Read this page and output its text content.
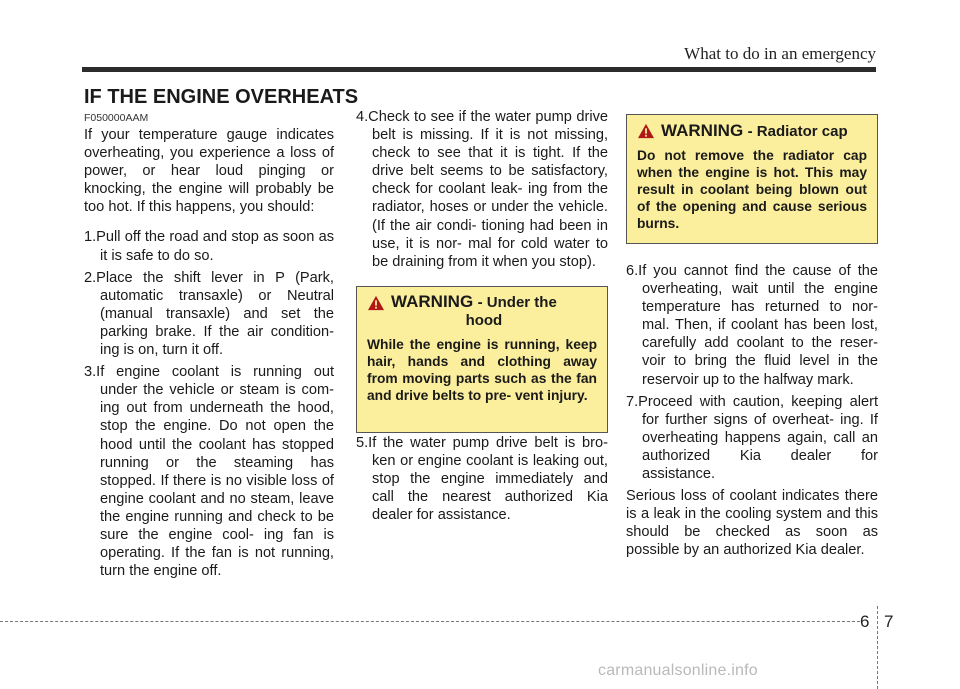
What to do in an emergency
IF THE ENGINE OVERHEATS
F050000AAM

If your temperature gauge indicates overheating, you experience a loss of power, or hear loud pinging or knocking, the engine will probably be too hot. If this happens, you should:

1.Pull off the road and stop as soon as it is safe to do so.
2.Place the shift lever in P (Park, automatic transaxle) or Neutral (manual transaxle) and set the parking brake. If the air condition- ing is on, turn it off.
3.If engine coolant is running out under the vehicle or steam is com- ing out from underneath the hood, stop the engine. Do not open the hood until the coolant has stopped running or the steaming has stopped. If there is no visible loss of engine coolant and no steam, leave the engine running and check to be sure the engine cool- ing fan is operating. If the fan is not running, turn the engine off.
4.Check to see if the water pump drive belt is missing. If it is not missing, check to see that it is tight. If the drive belt seems to be satisfactory, check for coolant leak- ing from the radiator, hoses or under the vehicle. (If the air condi- tioning had been in use, it is nor- mal for cold water to be draining from it when you stop).
WARNING - Under the
hood
While the engine is running, keep hair, hands and clothing away from moving parts such as the fan and drive belts to pre- vent injury.
5.If the water pump drive belt is bro- ken or engine coolant is leaking out, stop the engine immediately and call the nearest authorized Kia dealer for assistance.
WARNING - Radiator cap
Do not remove the radiator cap when the engine is hot. This may result in coolant being blown out of the opening and cause serious burns.
6.If you cannot find the cause of the overheating, wait until the engine temperature has returned to nor- mal. Then, if coolant has been lost, carefully add coolant to the reser- voir to bring the fluid level in the reservoir up to the halfway mark.
7.Proceed with caution, keeping alert for further signs of overheat- ing. If overheating happens again, call an authorized Kia dealer for assistance.

Serious loss of coolant indicates there is a leak in the cooling system and this should be checked as soon as possible by an authorized Kia dealer.

6 7
carmanualsonline.info
